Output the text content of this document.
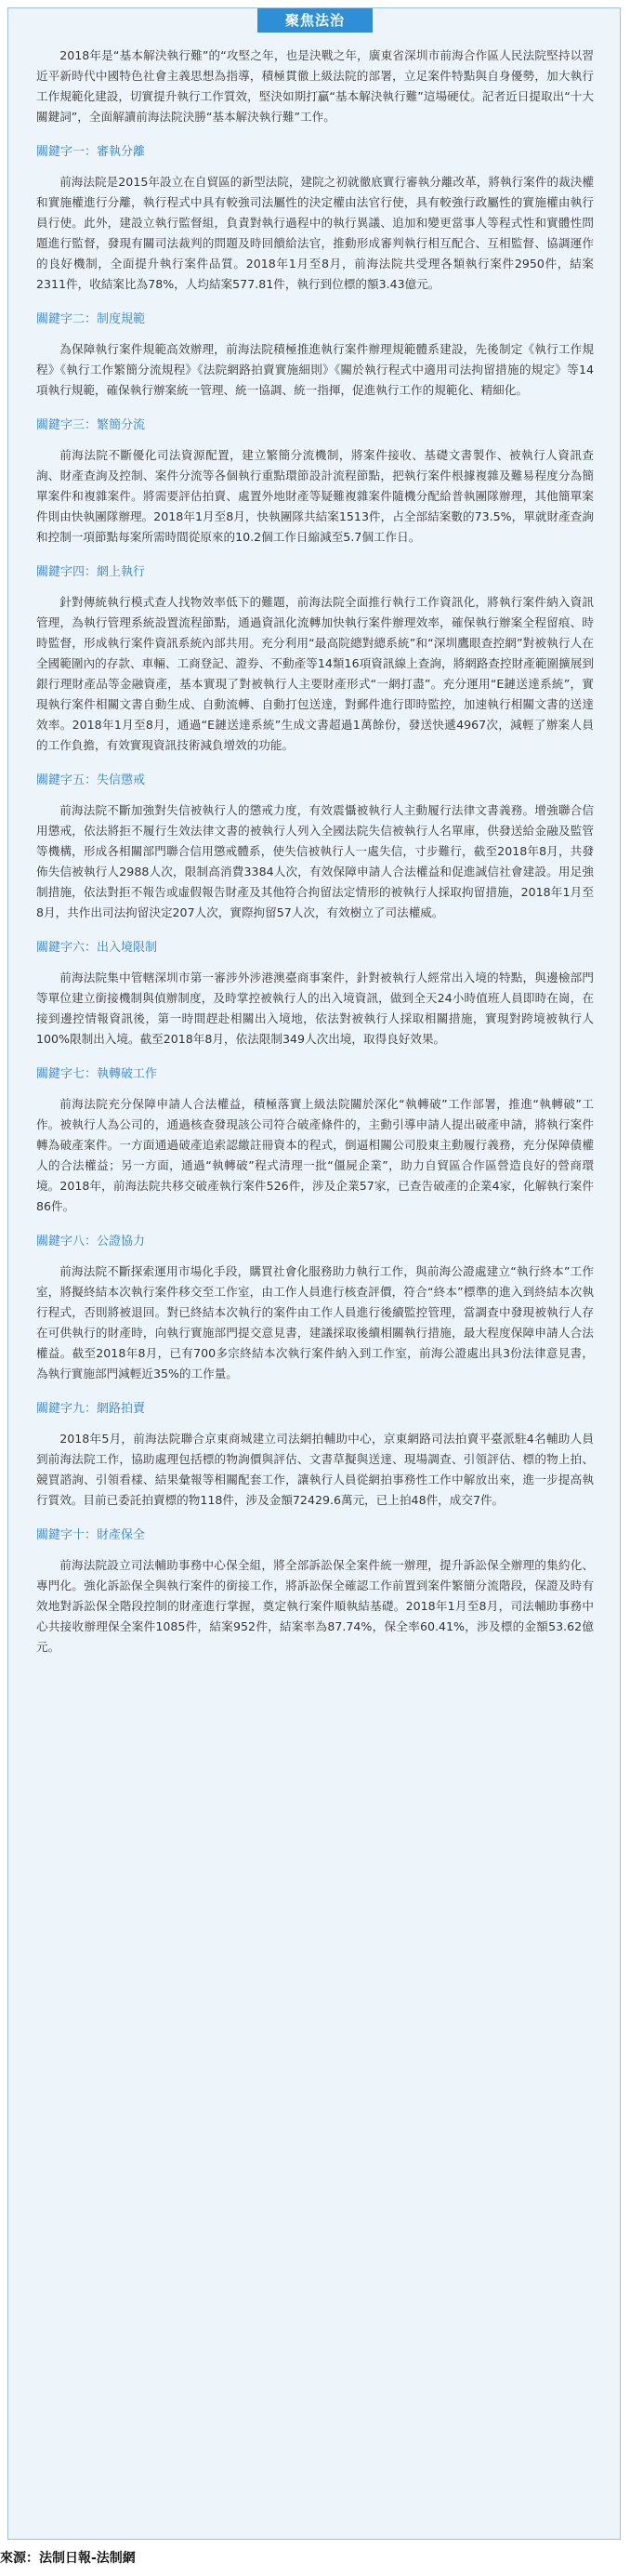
聚焦法治

2018年是“基本解決執行難”的“攻堅之年，也是決戰之年，廣東省深圳市前海合作區人民法院堅持以習近平新時代中國特色社會主義思想為指導，積極貫徹上級法院的部署，立足案件特點與自身優勢，加大執行工作規範化建設，切實提升執行工作質效，堅決如期打贏“基本解決執行難”這場硬仗。記者近日提取出“十大關鍵詞”，全面解讀前海法院決勝“基本解決執行難”工作。

關鍵字一：審執分離

前海法院是2015年設立在自貿區的新型法院，建院之初就徹底實行審執分離改革，將執行案件的裁決權和實施權進行分離，執行程式中具有較強司法屬性的決定權由法官行使，具有較強行政屬性的實施權由執行員行使。此外，建設立執行監督組，負責對執行過程中的執行異議、追加和變更當事人等程式性和實體性問題進行監督，發現有關司法裁判的問題及時回饋給法官，推動形成審判執行相互配合、互相監督、協調運作的良好機制，全面提升執行案件品質。2018年1月至8月，前海法院共受理各類執行案件2950件，結案2311件，收結案比為78%，人均結案577.81件，執行到位標的額3.43億元。

關鍵字二：制度規範

為保障執行案件規範高效辦理，前海法院積極推進執行案件辦理規範體系建設，先後制定《執行工作規程》《執行工作繁簡分流規程》《法院網路拍賣實施細則》《關於執行程式中適用司法拘留措施的規定》等14項執行規範，確保執行辦案統一管理、統一協調、統一指揮，促進執行工作的規範化、精細化。

關鍵字三：繁簡分流

前海法院不斷優化司法資源配置，建立繁簡分流機制，將案件接收、基礎文書製作、被執行人資訊查詢、財產查詢及控制、案件分流等各個執行重點環節設計流程節點，把執行案件根據複雜及難易程度分為簡單案件和複雜案件。將需要評估拍賣、處置外地財產等疑難複雜案件隨機分配給普執團隊辦理，其他簡單案件則由快執團隊辦理。2018年1月至8月，快執團隊共結案1513件，占全部結案數的73.5%，單就財產查詢和控制一項節點每案所需時間從原來的10.2個工作日縮減至5.7個工作日。

關鍵字四：網上執行

針對傳統執行模式查人找物效率低下的難題，前海法院全面推行執行工作資訊化，將執行案件納入資訊管理，為執行管理系統設置流程節點，通過資訊化流轉加快執行案件辦理效率，確保執行辦案全程留痕、時時監督，形成執行案件資訊系統內部共用。充分利用“最高院總對總系統”和“深圳鷹眼查控網”對被執行人在全國範圍內的存款、車輛、工商登記、證券、不動產等14類16項資訊線上查詢，將網路查控財產範圍擴展到銀行理財產品等金融資產，基本實現了對被執行人主要財產形式“一網打盡”。充分運用“E鏈送達系統”，實現執行案件相關文書自動生成、自動流轉、自動打包送達，對郵件進行即時監控，加速執行相關文書的送達效率。2018年1月至8月，通過“E鏈送達系統”生成文書超過1萬餘份，發送快遞4967次，減輕了辦案人員的工作負擔，有效實現資訊技術減負增效的功能。

關鍵字五：失信懲戒

前海法院不斷加強對失信被執行人的懲戒力度，有效震懾被執行人主動履行法律文書義務。增強聯合信用懲戒，依法將拒不履行生效法律文書的被執行人列入全國法院失信被執行人名單庫，供發送給金融及監管等機構，形成各相關部門聯合信用懲戒體系，使失信被執行人一處失信，寸步難行，截至2018年8月，共發佈失信被執行人2988人次，限制高消費3384人次，有效保障申請人合法權益和促進誠信社會建設。用足強制措施，依法對拒不報告或虛假報告財產及其他符合拘留法定情形的被執行人採取拘留措施，2018年1月至8月，共作出司法拘留決定207人次，實際拘留57人次，有效樹立了司法權威。

關鍵字六：出入境限制

前海法院集中管轄深圳市第一審涉外涉港澳臺商事案件，針對被執行人經常出入境的特點，與邊檢部門等單位建立銜接機制與偵辦制度，及時掌控被執行人的出入境資訊，做到全天24小時值班人員即時在崗，在接到邊控情報資訊後，第一時間趕赴相關出入境地，依法對被執行人採取相關措施，實現對跨境被執行人100%限制出入境。截至2018年8月，依法限制349人次出境，取得良好效果。

關鍵字七：執轉破工作

前海法院充分保障申請人合法權益，積極落實上級法院關於深化“執轉破”工作部署，推進“執轉破”工作。被執行人為公司的，通過核查發現該公司符合破產條件的，主動引導申請人提出破產申請，將執行案件轉為破產案件。一方面通過破產追索認繳註冊資本的程式，倒逼相關公司股東主動履行義務，充分保障債權人的合法權益；另一方面，通過“執轉破”程式清理一批“僵屍企業”，助力自貿區合作區營造良好的營商環境。2018年，前海法院共移交破產執行案件526件，涉及企業57家，已查告破產的企業4家，化解執行案件86件。

關鍵字八：公證協力

前海法院不斷探索運用市場化手段，購買社會化服務助力執行工作，與前海公證處建立“執行終本”工作室，將擬終結本次執行案件移交至工作室，由工作人員進行核查評價，符合“終本”標準的進入到終結本次執行程式，否則將被退回。對已終結本次執行的案件由工作人員進行後續監控管理，當調查中發現被執行人存在可供執行的財產時，向執行實施部門提交意見書，建議採取後續相關執行措施，最大程度保障申請人合法權益。截至2018年8月，已有700多宗終結本次執行案件納入到工作室，前海公證處出具3份法律意見書，為執行實施部門減輕近35%的工作量。

關鍵字九：網路拍賣

2018年5月，前海法院聯合京東商城建立司法網拍輔助中心，京東網路司法拍賣平臺派駐4名輔助人員到前海法院工作，協助處理包括標的物詢價與評估、文書草擬與送達、現場調查、引領評估、標的物上拍、競買諮詢、引領看樣、結果彙報等相關配套工作，讓執行人員從網拍事務性工作中解放出來，進一步提高執行質效。目前已委託拍賣標的物118件，涉及金額72429.6萬元，已上拍48件，成交7件。

關鍵字十：財產保全

前海法院設立司法輔助事務中心保全組，將全部訴訟保全案件統一辦理，提升訴訟保全辦理的集約化、專門化。強化訴訟保全與執行案件的銜接工作，將訴訟保全確認工作前置到案件繁簡分流階段，保證及時有效地對訴訟保全階段控制的財產進行掌握，奠定執行案件順執結基礎。2018年1月至8月，司法輔助事務中心共接收辦理保全案件1085件，結案952件，結案率為87.74%，保全率60.41%，涉及標的金額53.62億元。

來源：法制日報-法制網
